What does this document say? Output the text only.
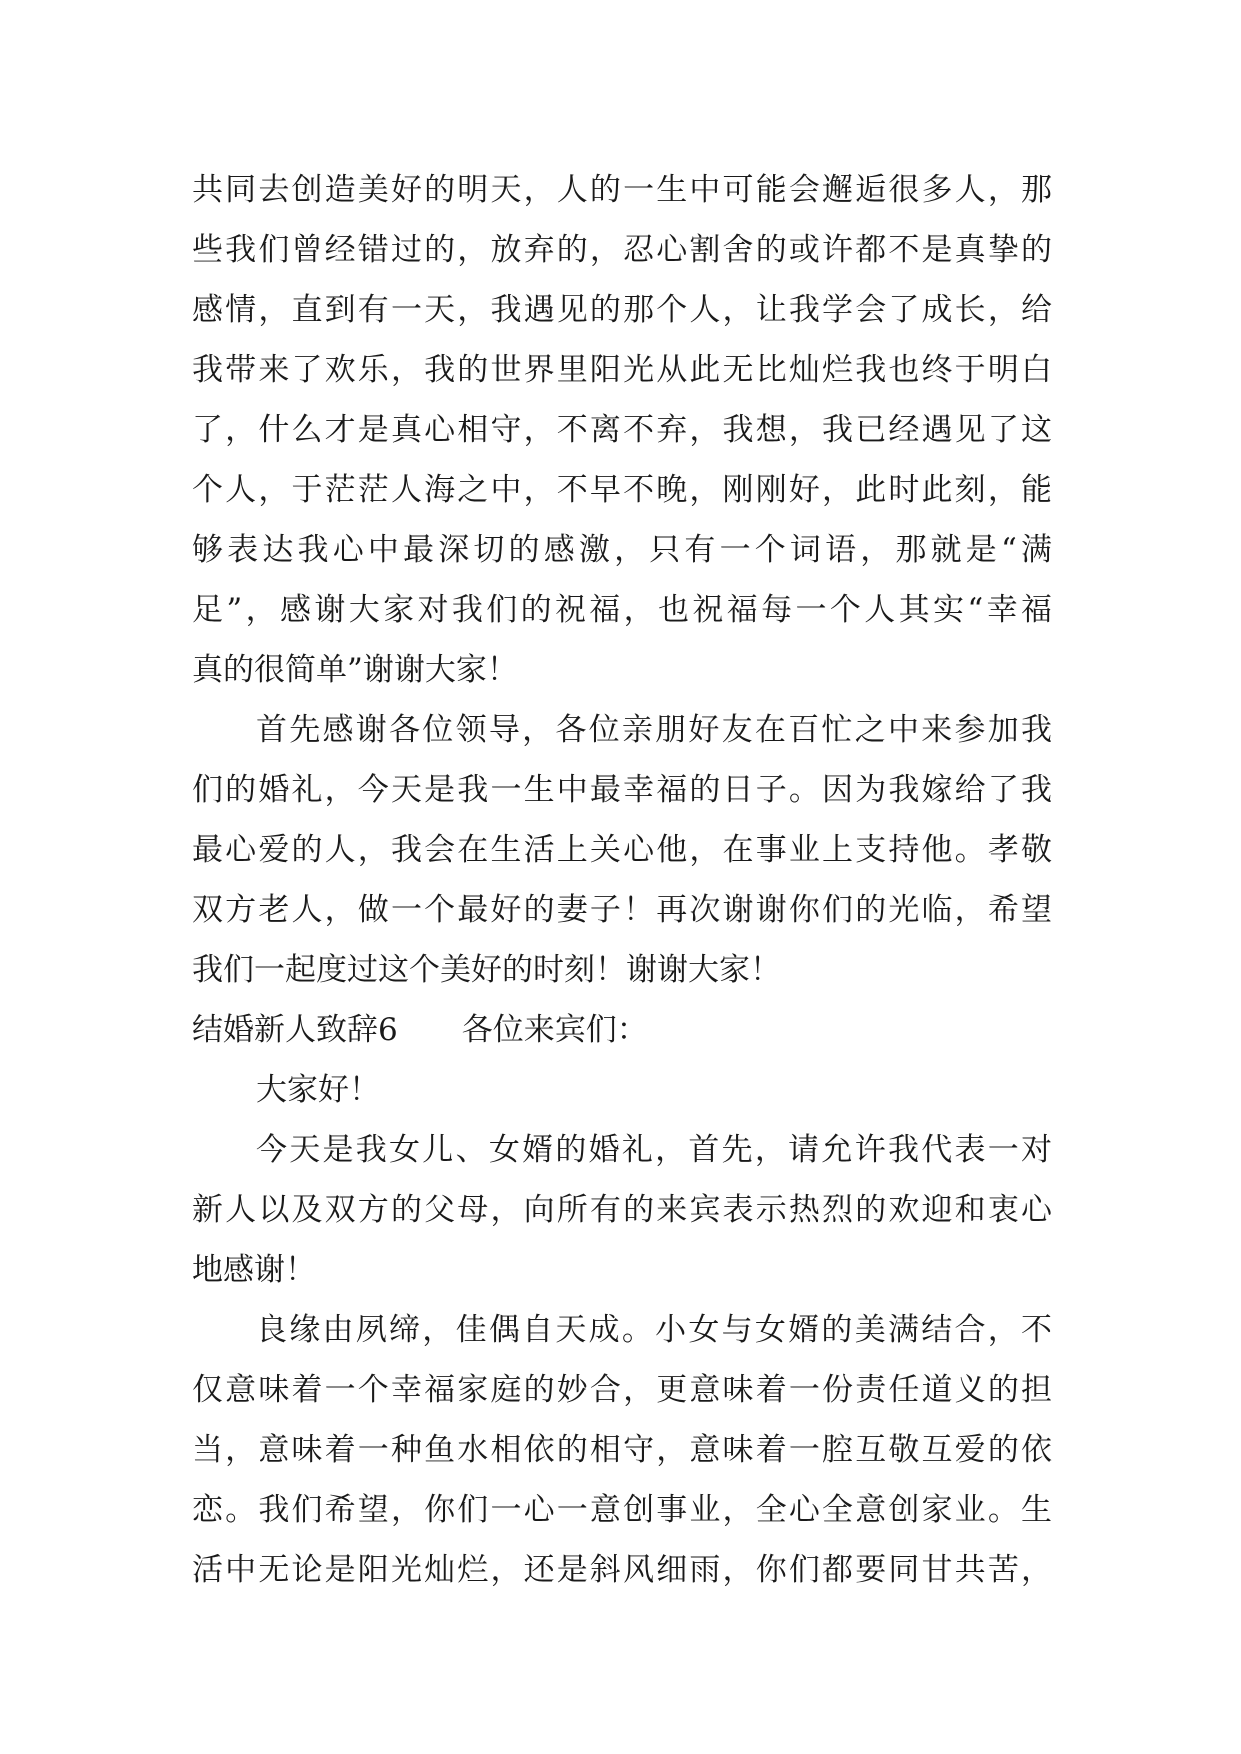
共同去创造美好的明天，人的一生中可能会邂逅很多人，那
些我们曾经错过的，放弃的，忍心割舍的或许都不是真挚的
感情，直到有一天，我遇见的那个人，让我学会了成长，给
我带来了欢乐，我的世界里阳光从此无比灿烂我也终于明白
了，什么才是真心相守，不离不弃，我想，我已经遇见了这
个人，于茫茫人海之中，不早不晚，刚刚好，此时此刻，能
够表达我心中最深切的感激，只有一个词语，那就是“满
足”，感谢大家对我们的祝福，也祝福每一个人其实“幸福
真的很简单”谢谢大家！
首先感谢各位领导，各位亲朋好友在百忙之中来参加我
们的婚礼，今天是我一生中最幸福的日子。因为我嫁给了我
最心爱的人，我会在生活上关心他，在事业上支持他。孝敬
双方老人，做一个最好的妻子！再次谢谢你们的光临，希望
我们一起度过这个美好的时刻！谢谢大家！
结婚新人致辞6 各位来宾们：
大家好！
今天是我女儿、女婿的婚礼，首先，请允许我代表一对
新人以及双方的父母，向所有的来宾表示热烈的欢迎和衷心
地感谢！
良缘由夙缔，佳偶自天成。小女与女婿的美满结合，不
仅意味着一个幸福家庭的妙合，更意味着一份责任道义的担
当，意味着一种鱼水相依的相守，意味着一腔互敬互爱的依
恋。我们希望，你们一心一意创事业，全心全意创家业。生
活中无论是阳光灿烂，还是斜风细雨，你们都要同甘共苦，
